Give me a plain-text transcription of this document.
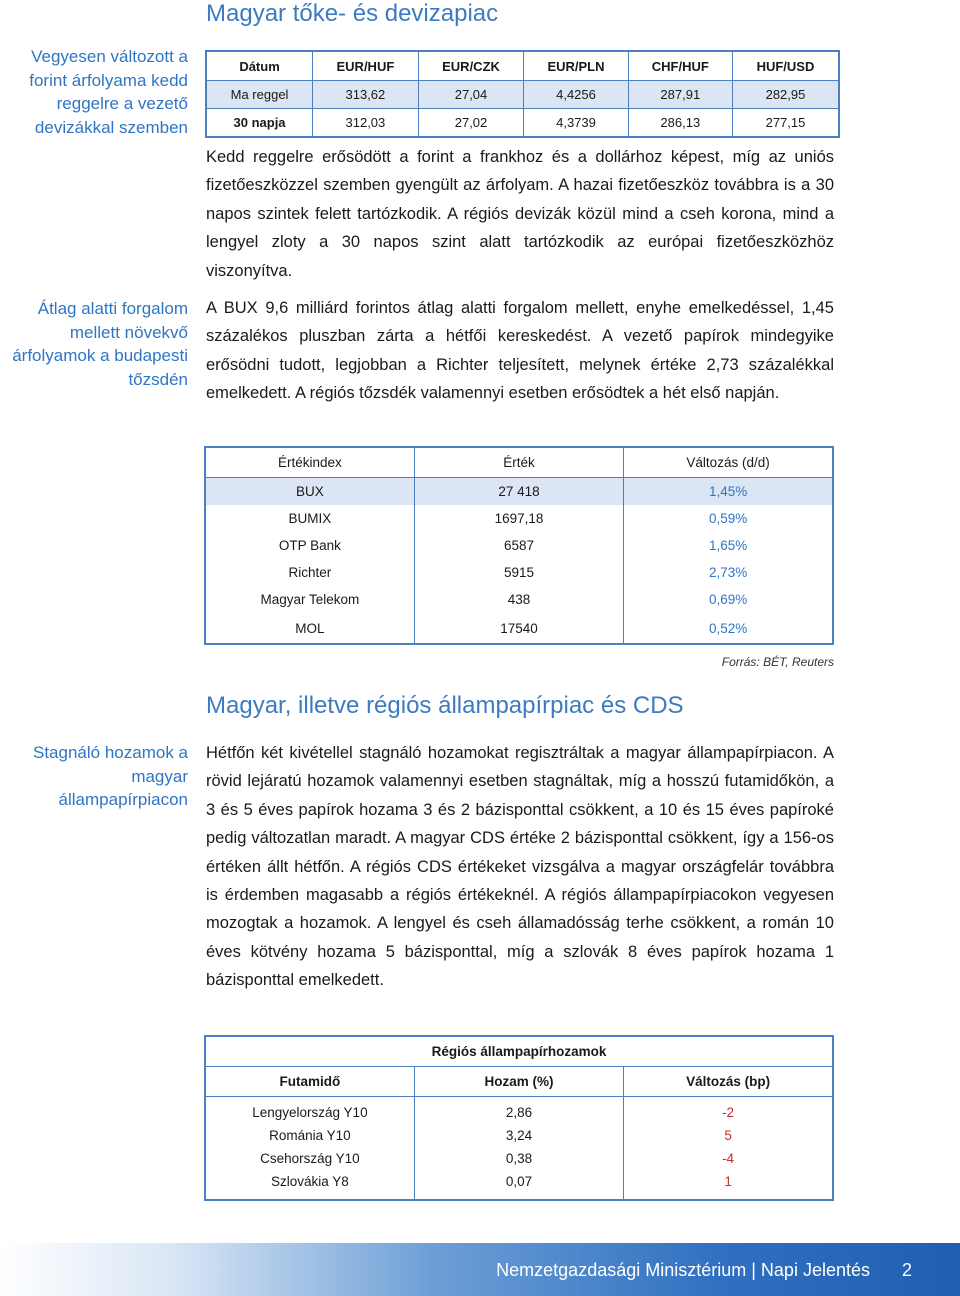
Magyar tőke- és devizapiac
Vegyesen változott a forint árfolyama kedd reggelre a vezető devizákkal szemben
Átlag alatti forgalom mellett növekvő árfolyamok a budapesti tőzsdén
Stagnáló hozamok a magyar állampapírpiacon
Dátum	EUR/HUF	EUR/CZK	EUR/PLN	CHF/HUF	HUF/USD
Ma reggel	313,62	27,04	4,4256	287,91	282,95
30 napja	312,03	27,02	4,3739	286,13	277,15
Kedd reggelre erősödött a forint a frankhoz és a dollárhoz képest, míg az uniós fizetőeszközzel szemben gyengült az árfolyam. A hazai fizetőeszköz továbbra is a 30 napos szintek felett tartózkodik. A régiós devizák közül mind a cseh korona, mind a lengyel zloty a 30 napos szint alatt tartózkodik az európai fizetőeszközhöz viszonyítva.
A BUX 9,6 milliárd forintos átlag alatti forgalom mellett, enyhe emelkedéssel, 1,45 százalékos pluszban zárta a hétfői kereskedést. A vezető papírok mindegyike erősödni tudott, legjobban a Richter teljesített, melynek értéke 2,73 százalékkal emelkedett. A régiós tőzsdék valamennyi esetben erősödtek a hét első napján.
Értékindex	Érték	Változás (d/d)
BUX	27 418	1,45%
BUMIX	1697,18	0,59%
OTP Bank	6587	1,65%
Richter	5915	2,73%
Magyar Telekom	438	0,69%
MOL	17540	0,52%
Forrás: BÉT, Reuters
Magyar, illetve régiós állampapírpiac és CDS
Hétfőn két kivétellel stagnáló hozamokat regisztráltak a magyar állampapírpiacon. A rövid lejáratú hozamok valamennyi esetben stagnáltak, míg a hosszú futamidőkön, a 3 és 5 éves papírok hozama 3 és 2 bázisponttal csökkent, a 10 és 15 éves papíroké pedig változatlan maradt. A magyar CDS értéke 2 bázisponttal csökkent, így a 156-os értéken állt hétfőn. A régiós CDS értékeket vizsgálva a magyar országfelár továbbra is érdemben magasabb a régiós értékeknél. A régiós állampapírpiacokon vegyesen mozogtak a hozamok. A lengyel és cseh államadósság terhe csökkent, a román 10 éves kötvény hozama 5 bázisponttal, míg a szlovák 8 éves papírok hozama 1 bázisponttal emelkedett.
Régiós állampapírhozamok		
Futamidő	Hozam (%)	Változás (bp)
Lengyelország Y10	2,86	-2
Románia Y10	3,24	5
Csehország Y10	0,38	-4
Szlovákia Y8	0,07	1
Nemzetgazdasági Minisztérium | Napi Jelentés 2
